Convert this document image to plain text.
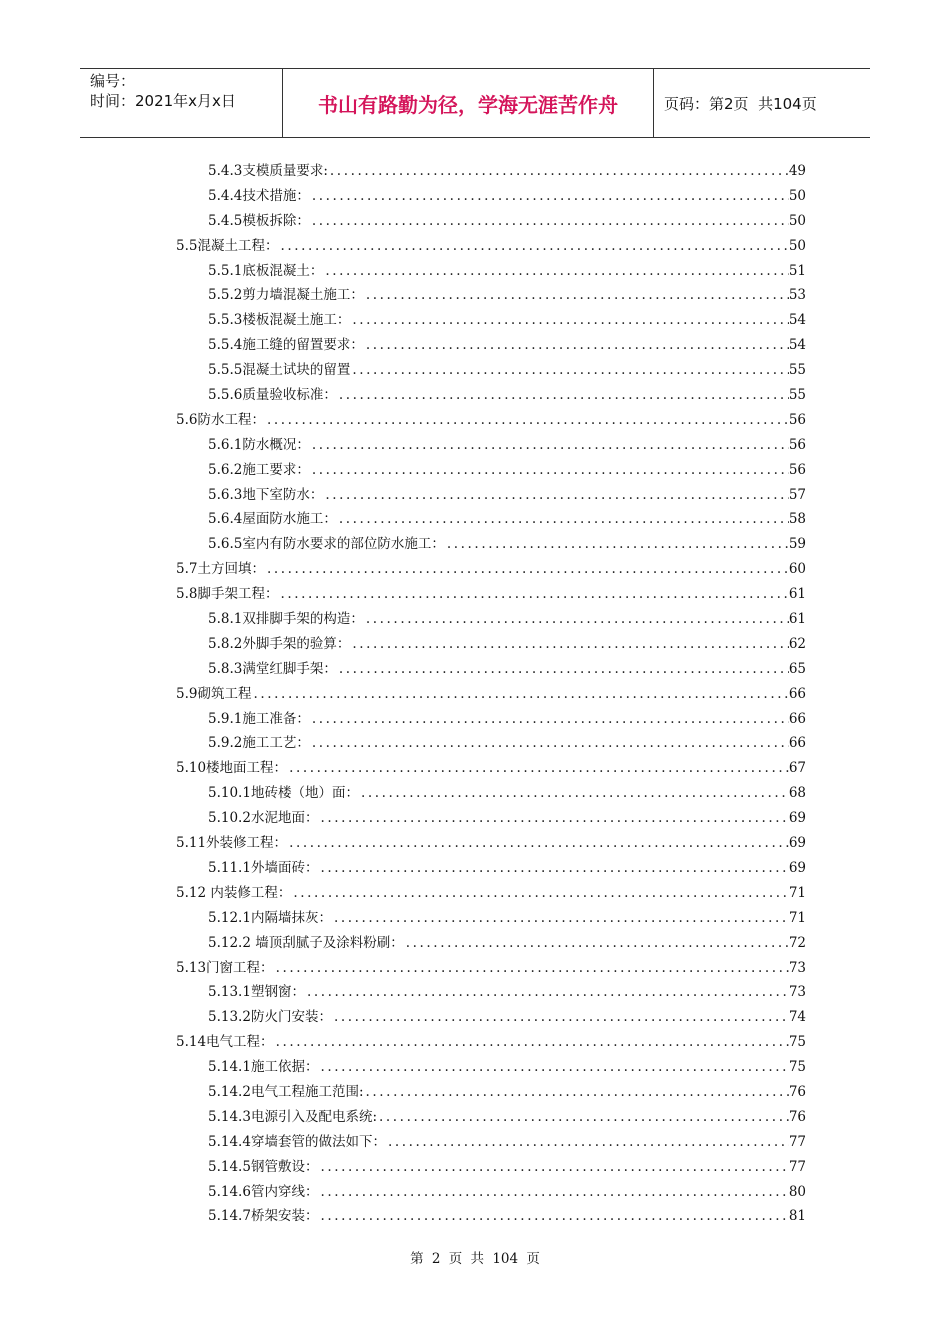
编号：
时间：2021年x月x日	书山有路勤为径，学海无涯苦作舟	页码：第2页  共104页
5.4.3支模质量要求: .....	49
5.4.4技术措施： .....	50
5.4.5模板拆除： .....	50
5.5混凝土工程： .....	50
5.5.1底板混凝土： .....	51
5.5.2剪力墙混凝土施工： .....	53
5.5.3楼板混凝土施工： .....	54
5.5.4施工缝的留置要求： .....	54
5.5.5混凝土试块的留置 .....	55
5.5.6质量验收标准： .....	55
5.6防水工程： .....	56
5.6.1防水概况： .....	56
5.6.2施工要求： .....	56
5.6.3地下室防水： .....	57
5.6.4屋面防水施工： .....	58
5.6.5室内有防水要求的部位防水施工： .....	59
5.7土方回填： .....	60
5.8脚手架工程： .....	61
5.8.1双排脚手架的构造： .....	61
5.8.2外脚手架的验算： .....	62
5.8.3满堂红脚手架： .....	65
5.9砌筑工程 .....	66
5.9.1施工准备： .....	66
5.9.2施工工艺： .....	66
5.10楼地面工程： .....	67
5.10.1地砖楼（地）面： .....	68
5.10.2水泥地面： .....	69
5.11外装修工程： .....	69
5.11.1外墙面砖： .....	69
5.12 内装修工程： .....	71
5.12.1内隔墙抹灰： .....	71
5.12.2 墙顶刮腻子及涂料粉刷： .....	72
5.13门窗工程： .....	73
5.13.1塑钢窗： .....	73
5.13.2防火门安装： .....	74
5.14电气工程： .....	75
5.14.1施工依据： .....	75
5.14.2电气工程施工范围: .....	76
5.14.3电源引入及配电系统: .....	76
5.14.4穿墙套管的做法如下： .....	77
5.14.5钢管敷设： .....	77
5.14.6管内穿线： .....	80
5.14.7桥架安装： .....	81
第 2 页 共 104 页
